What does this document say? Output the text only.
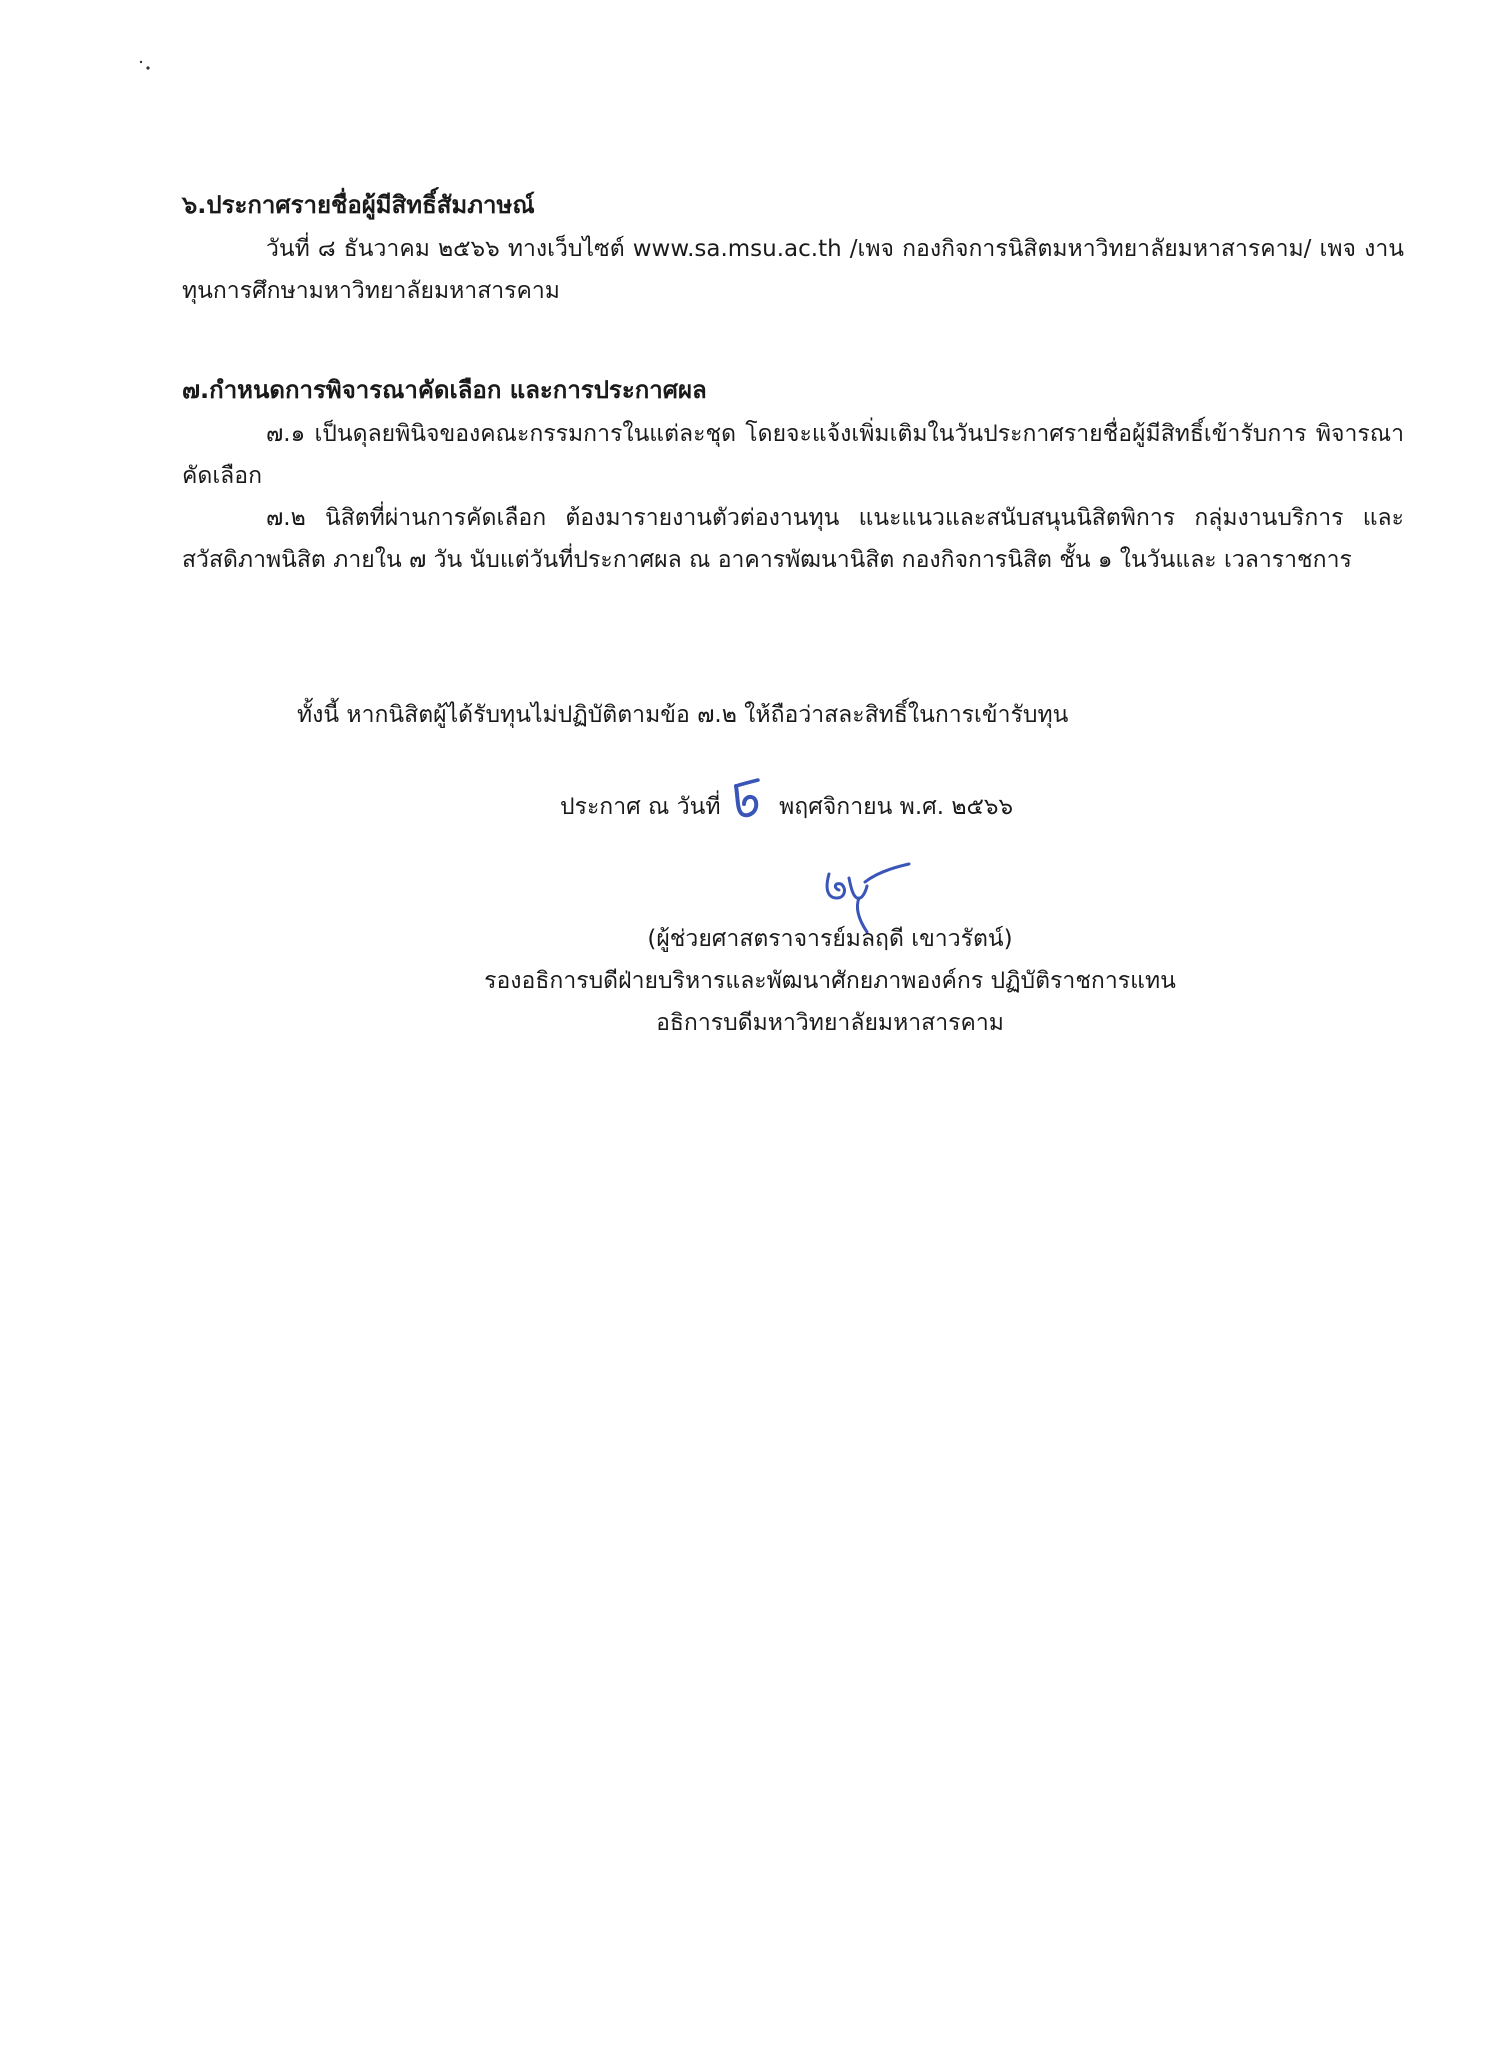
๖.ประกาศรายชื่อผู้มีสิทธิ์สัมภาษณ์

วันที่ ๘ ธันวาคม ๒๕๖๖ ทางเว็บไซต์ www.sa.msu.ac.th /เพจ กองกิจการนิสิตมหาวิทยาลัยมหาสารคาม/ เพจ งานทุนการศึกษามหาวิทยาลัยมหาสารคาม

๗.กำหนดการพิจารณาคัดเลือก และการประกาศผล

๗.๑ เป็นดุลยพินิจของคณะกรรมการในแต่ละชุด โดยจะแจ้งเพิ่มเติมในวันประกาศรายชื่อผู้มีสิทธิ์เข้ารับการ พิจารณาคัดเลือก

๗.๒ นิสิตที่ผ่านการคัดเลือก ต้องมารายงานตัวต่องานทุน แนะแนวและสนับสนุนนิสิตพิการ กลุ่มงานบริการ และสวัสดิภาพนิสิต ภายใน ๗ วัน นับแต่วันที่ประกาศผล ณ อาคารพัฒนานิสิต กองกิจการนิสิต ชั้น ๑ ในวันและ เวลาราชการ

ทั้งนี้ หากนิสิตผู้ได้รับทุนไม่ปฏิบัติตามข้อ ๗.๒ ให้ถือว่าสละสิทธิ์ในการเข้ารับทุน
ประกาศ ณ วันที่	พฤศจิกายน พ.ศ. ๒๕๖๖
(ผู้ช่วยศาสตราจารย์มลฤดี เขาวรัตน์)
รองอธิการบดีฝ่ายบริหารและพัฒนาศักยภาพองค์กร ปฏิบัติราชการแทน
อธิการบดีมหาวิทยาลัยมหาสารคาม
